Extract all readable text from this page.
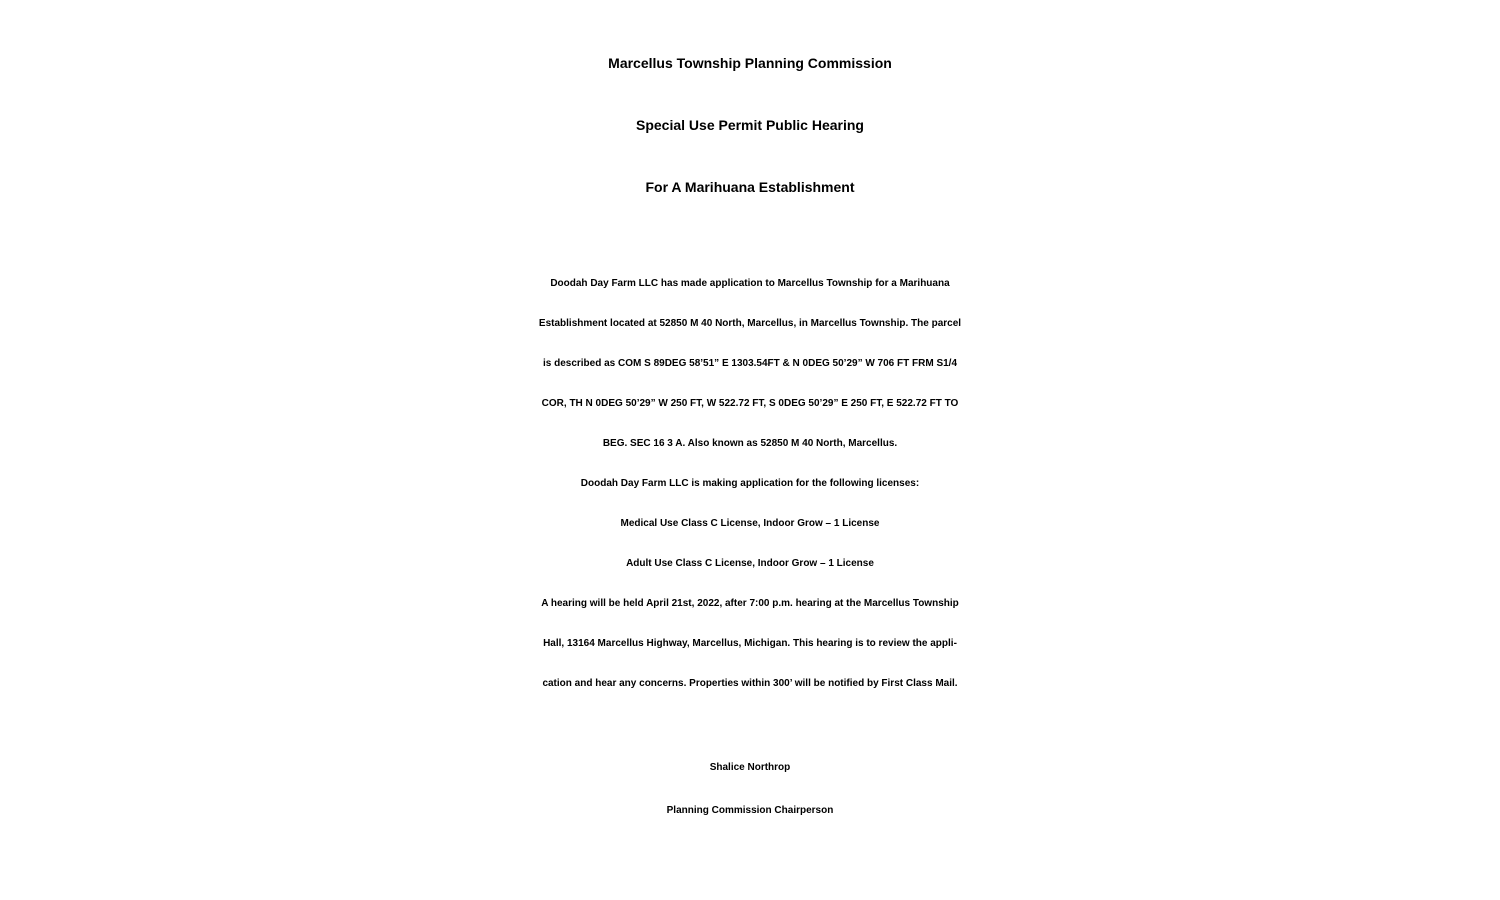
Marcellus Township Planning Commission
Special Use Permit Public Hearing
For A Marihuana Establishment
Doodah Day Farm LLC has made application to Marcellus Township for a Marihuana
Establishment located at 52850 M 40 North, Marcellus, in Marcellus Township. The parcel
is described as COM S 89DEG 58’51” E 1303.54FT & N 0DEG 50’29” W 706 FT FRM S1/4
COR, TH N 0DEG 50’29” W 250 FT, W 522.72 FT, S 0DEG 50’29” E 250 FT, E 522.72 FT TO
BEG. SEC 16 3 A. Also known as 52850 M 40 North, Marcellus.
Doodah Day Farm LLC is making application for the following licenses:
Medical Use Class C License, Indoor Grow – 1 License
Adult Use Class C License, Indoor Grow – 1 License
A hearing will be held April 21st, 2022, after 7:00 p.m. hearing at the Marcellus Township
Hall, 13164 Marcellus Highway, Marcellus, Michigan. This hearing is to review the appli-
cation and hear any concerns. Properties within 300’ will be notified by First Class Mail.
Shalice Northrop
Planning Commission Chairperson
